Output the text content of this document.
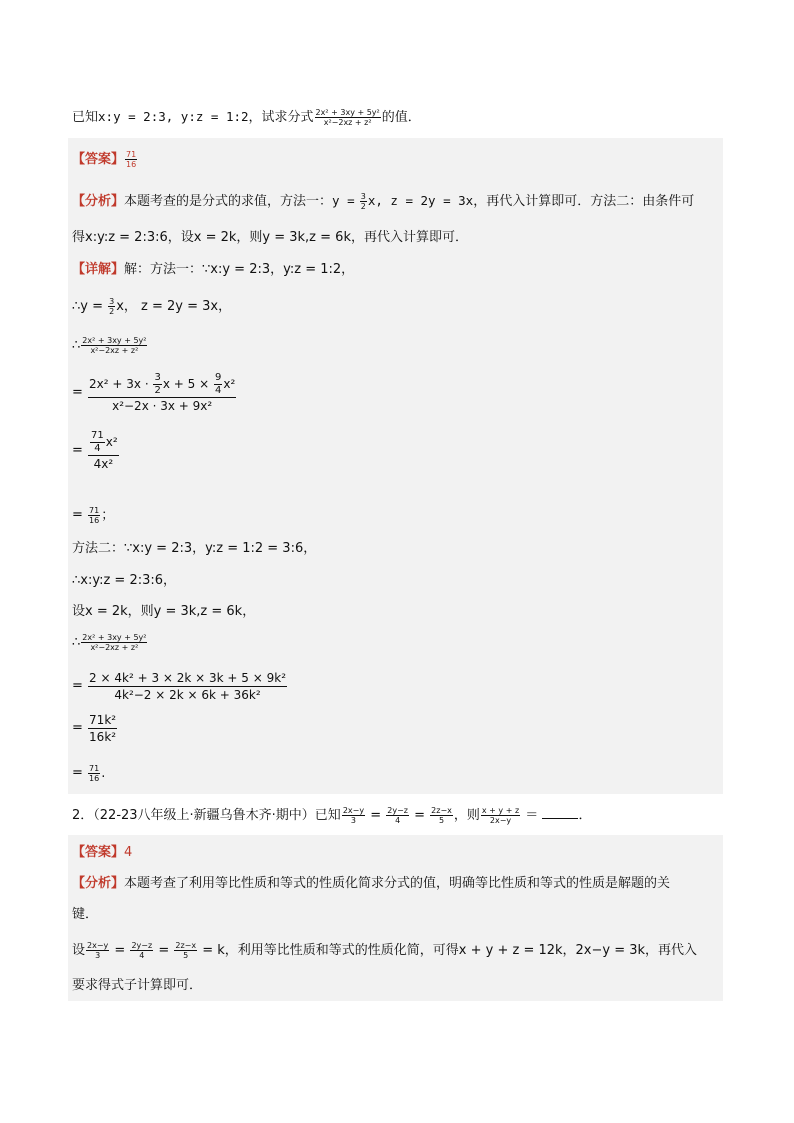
已知x:y = 2:3, y:z = 1:2，试求分式 $\frac{\text{2x² + 3xy + 5y²}}{\text{x²−2xz + z²}}$ 的值．
【答案】 $\frac{71}{16}$
【分析】本题考查的是分式的求值，方法一：$y = \frac{3}{2} x$, z = 2y = 3x，再代入计算即可．方法二：由条件可
得x:y:z = 2:3:6，设x = 2k，则y = 3k,z = 6k，再代入计算即可．
【详解】解：方法一：∵x:y = 2:3，y:z = 1:2，
∴y = $\frac{3}{2}$ x， z = 2y = 3x，
∴ $\frac{\text{2x² + 3xy + 5y²}}{\text{x²−2xz + z²}}$
= $\frac{2x^2 + 3x \cdot \frac{3}{2} x + 5 \times \frac{9}{4} x^2}{\text{x²−2x · 3x + 9x²}}$
= $\frac{\frac{71}{4} x^2}{\text{4x²}}$
= $\frac{71}{16}$ ；
方法二：∵x:y = 2:3，y:z = 1:2 = 3:6，
∴x:y:z = 2:3:6，
设x = 2k，则y = 3k,z = 6k，
∴ $\frac{\text{2x² + 3xy + 5y²}}{\text{x²−2xz + z²}}$
= $\frac{\text{2 × 4k² + 3 × 2k × 3k + 5 × 9k²}}{\text{4k²−2 × 2k × 6k + 36k²}}$
= $\frac{\text{71k²}}{\text{16k²}}$
= $\frac{71}{16}$ .
2．（22-23八年级上·新疆乌鲁木齐·期中）已知 $\frac{2x-y}{3} = \frac{2y-z}{4} = \frac{2z-x}{5}$ ，则 $\frac{x + y + z}{2x-y}$ ＝	．
【答案】4
【分析】本题考查了利用等比性质和等式的性质化简求分式的值，明确等比性质和等式的性质是解题的关
键．
设 $\frac{2x-y}{3} = \frac{2y-z}{4} = \frac{2z-x}{5} = k$，利用等比性质和等式的性质化简，可得x + y + z = 12k，2x−y = 3k，再代入
要求得式子计算即可．
